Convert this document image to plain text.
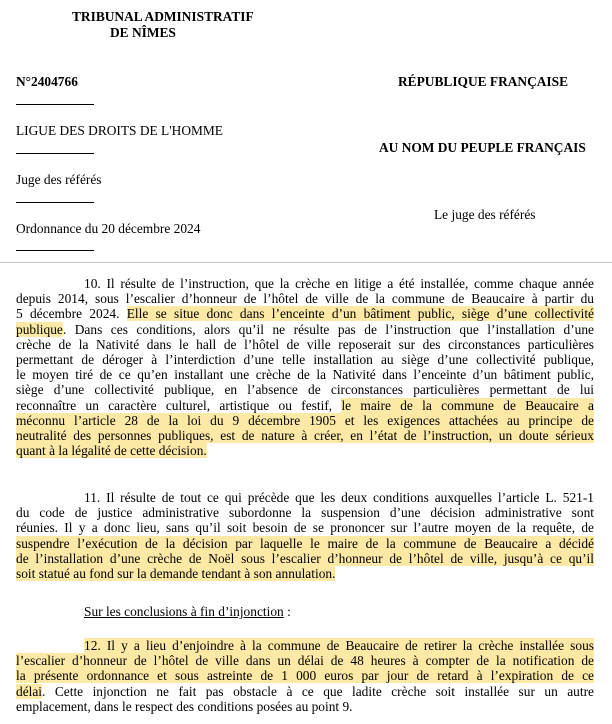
TRIBUNAL ADMINISTRATIF
DE NÎMES
N°2404766	RÉPUBLIQUE FRANÇAISE
LIGUE DES DROITS DE L'HOMME
AU NOM DU PEUPLE FRANÇAIS
Juge des référés
Le juge des référés
Ordonnance du 20 décembre 2024
10. Il résulte de l’instruction, que la crèche en litige a été installée, comme chaque année
depuis 2014, sous l’escalier d’honneur de l’hôtel de ville de la commune de Beaucaire à partir du
5 décembre 2024. Elle se situe donc dans l’enceinte d’un bâtiment public, siège d’une collectivité
publique. Dans ces conditions, alors qu’il ne résulte pas de l’instruction que l’installation d’une
crèche de la Nativité dans le hall de l’hôtel de ville reposerait sur des circonstances particulières
permettant de déroger à l’interdiction d’une telle installation au siège d’une collectivité publique,
le moyen tiré de ce qu’en installant une crèche de la Nativité dans l’enceinte d’un bâtiment public,
siège d’une collectivité publique, en l’absence de circonstances particulières permettant de lui
reconnaître un caractère culturel, artistique ou festif, le maire de la commune de Beaucaire a
méconnu l’article 28 de la loi du 9 décembre 1905 et les exigences attachées au principe de
neutralité des personnes publiques, est de nature à créer, en l’état de l’instruction, un doute sérieux
quant à la légalité de cette décision.
11. Il résulte de tout ce qui précède que les deux conditions auxquelles l’article L. 521-1
du code de justice administrative subordonne la suspension d’une décision administrative sont
réunies. Il y a donc lieu, sans qu’il soit besoin de se prononcer sur l’autre moyen de la requête, de
suspendre l’exécution de la décision par laquelle le maire de la commune de Beaucaire a décidé
de l’installation d’une crèche de Noël sous l’escalier d’honneur de l’hôtel de ville, jusqu’à ce qu’il
soit statué au fond sur la demande tendant à son annulation.
Sur les conclusions à fin d’injonction :
12. Il y a lieu d’enjoindre à la commune de Beaucaire de retirer la crèche installée sous
l’escalier d’honneur de l’hôtel de ville dans un délai de 48 heures à compter de la notification de
la présente ordonnance et sous astreinte de 1 000 euros par jour de retard à l’expiration de ce
délai. Cette injonction ne fait pas obstacle à ce que ladite crèche soit installée sur un autre
emplacement, dans le respect des conditions posées au point 9.
